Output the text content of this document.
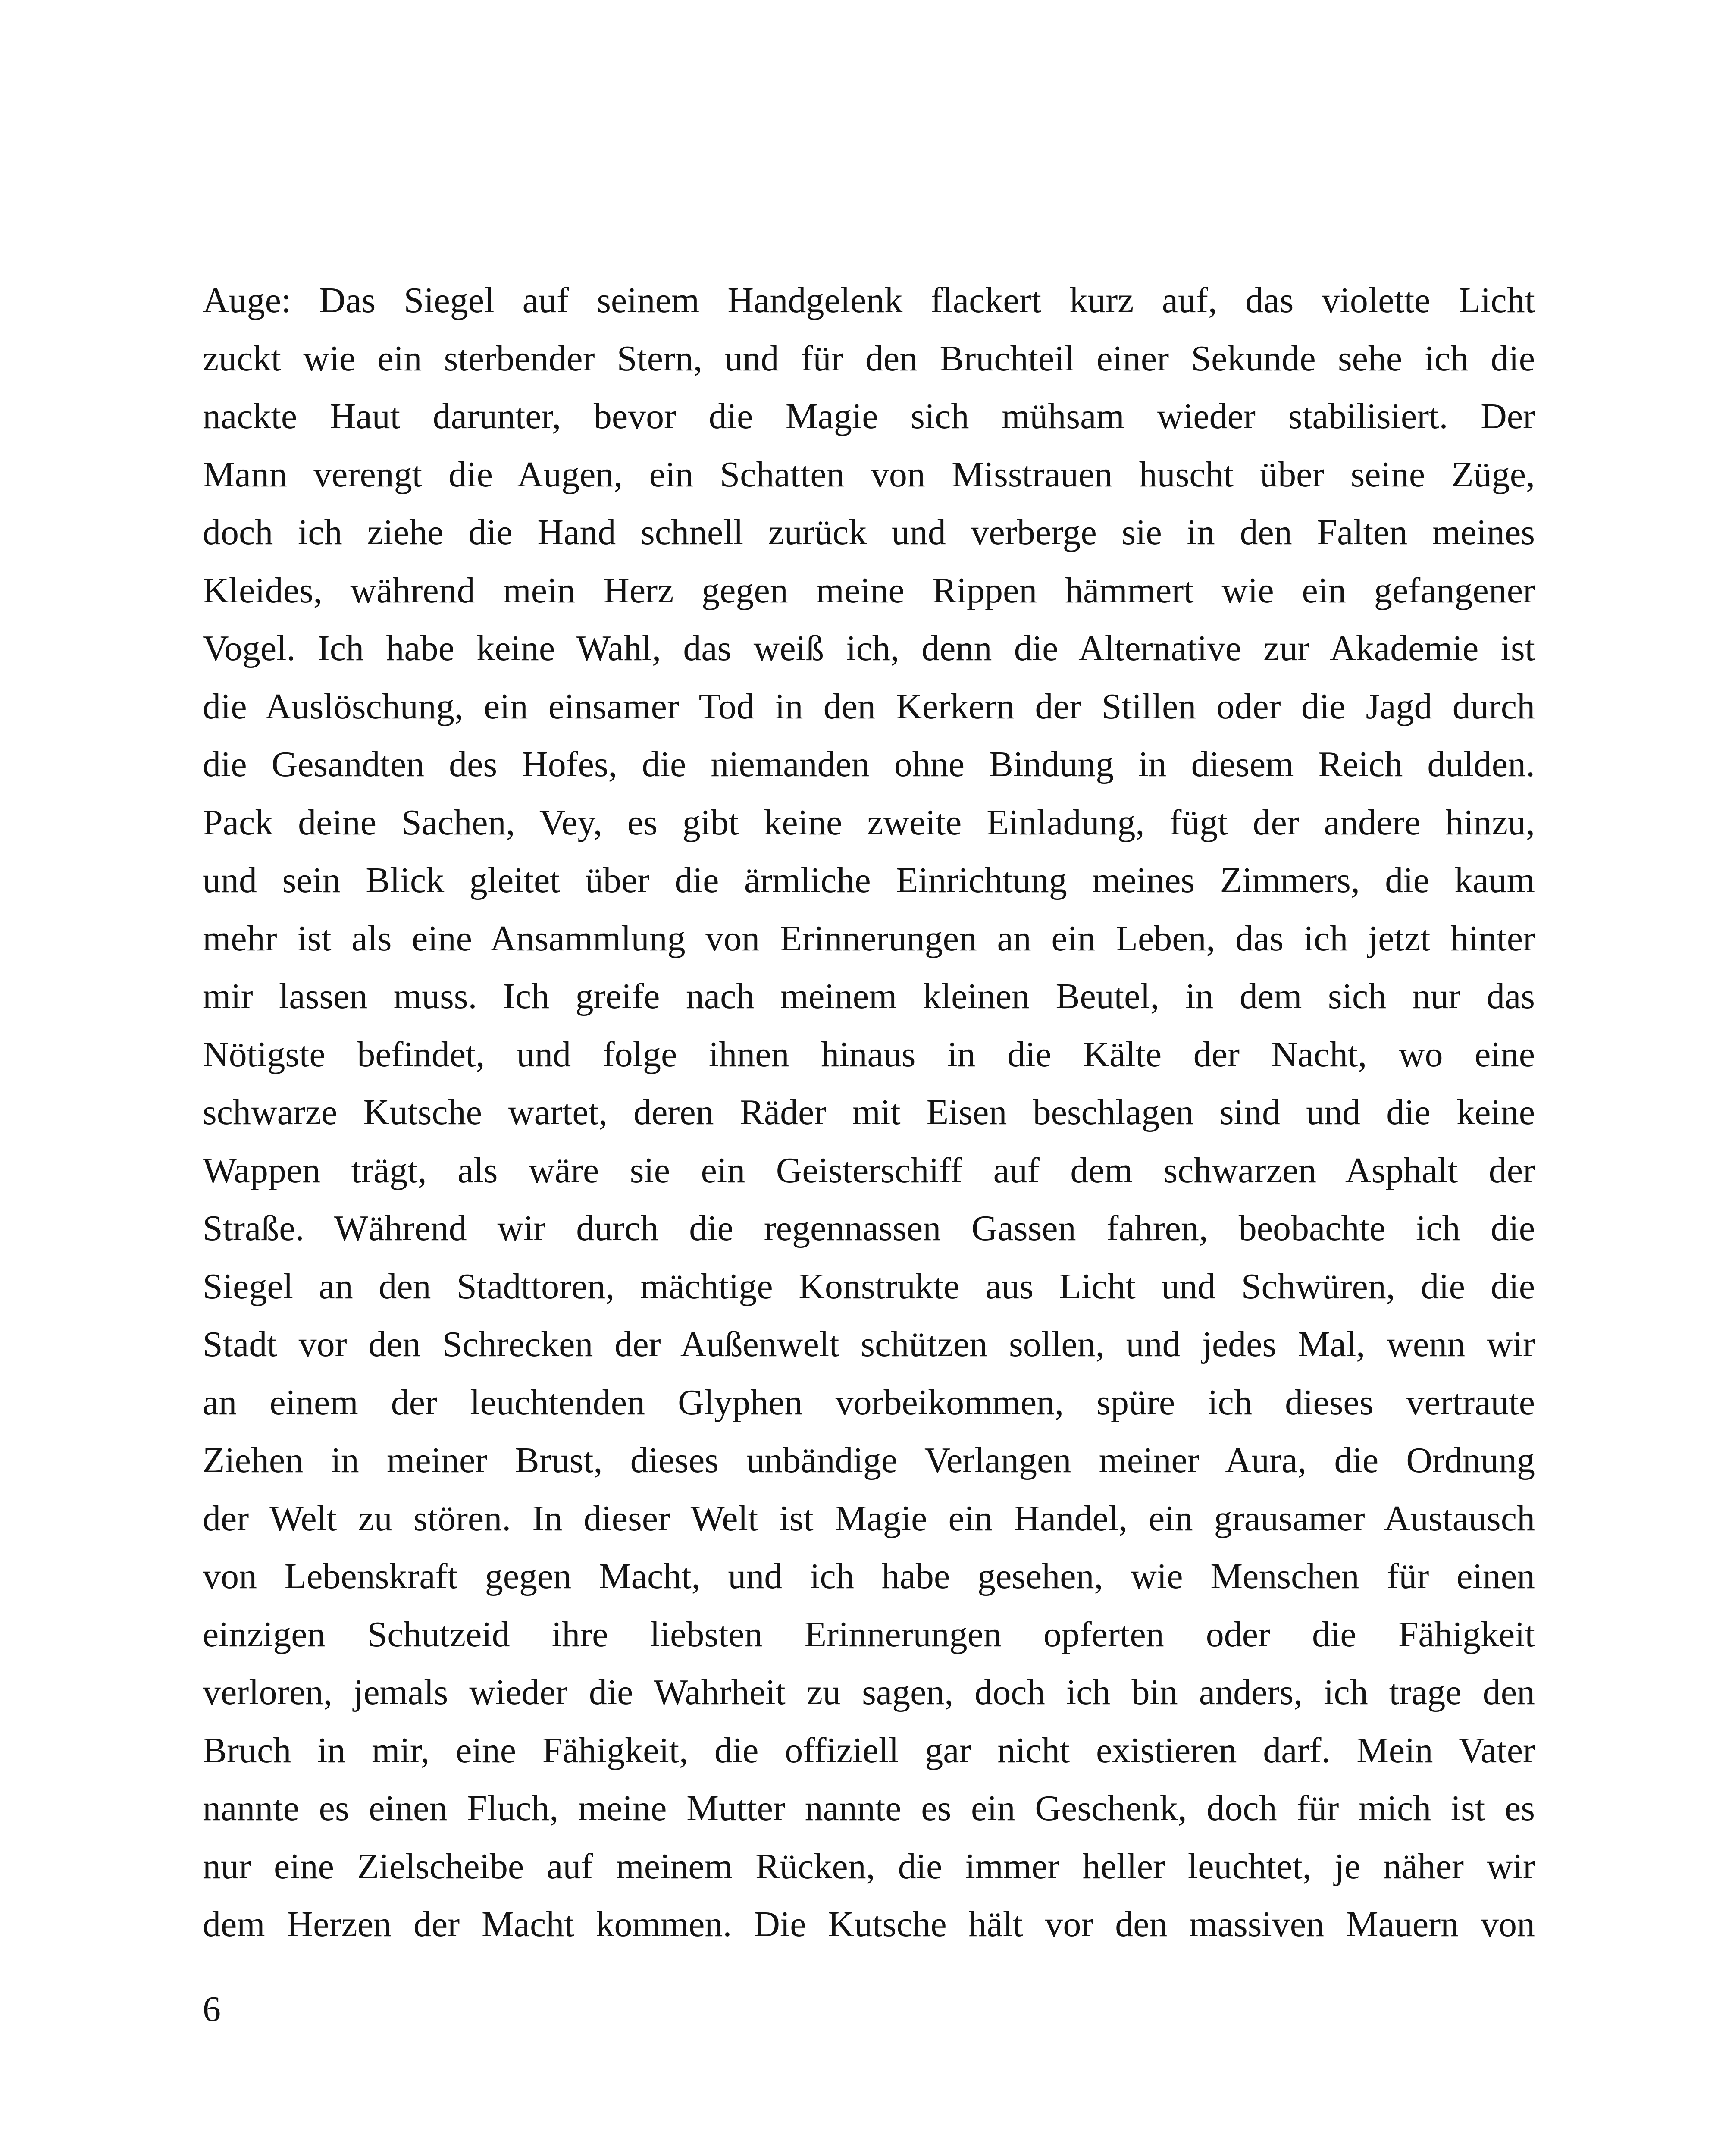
Auge: Das Siegel auf seinem Handgelenk flackert kurz auf, das violette Licht
zuckt wie ein sterbender Stern, und für den Bruchteil einer Sekunde sehe ich die
nackte Haut darunter, bevor die Magie sich mühsam wieder stabilisiert. Der
Mann verengt die Augen, ein Schatten von Misstrauen huscht über seine Züge,
doch ich ziehe die Hand schnell zurück und verberge sie in den Falten meines
Kleides, während mein Herz gegen meine Rippen hämmert wie ein gefangener
Vogel. Ich habe keine Wahl, das weiß ich, denn die Alternative zur Akademie ist
die Auslöschung, ein einsamer Tod in den Kerkern der Stillen oder die Jagd durch
die Gesandten des Hofes, die niemanden ohne Bindung in diesem Reich dulden.
Pack deine Sachen, Vey, es gibt keine zweite Einladung, fügt der andere hinzu,
und sein Blick gleitet über die ärmliche Einrichtung meines Zimmers, die kaum
mehr ist als eine Ansammlung von Erinnerungen an ein Leben, das ich jetzt hinter
mir lassen muss. Ich greife nach meinem kleinen Beutel, in dem sich nur das
Nötigste befindet, und folge ihnen hinaus in die Kälte der Nacht, wo eine
schwarze Kutsche wartet, deren Räder mit Eisen beschlagen sind und die keine
Wappen trägt, als wäre sie ein Geisterschiff auf dem schwarzen Asphalt der
Straße. Während wir durch die regennassen Gassen fahren, beobachte ich die
Siegel an den Stadttoren, mächtige Konstrukte aus Licht und Schwüren, die die
Stadt vor den Schrecken der Außenwelt schützen sollen, und jedes Mal, wenn wir
an einem der leuchtenden Glyphen vorbeikommen, spüre ich dieses vertraute
Ziehen in meiner Brust, dieses unbändige Verlangen meiner Aura, die Ordnung
der Welt zu stören. In dieser Welt ist Magie ein Handel, ein grausamer Austausch
von Lebenskraft gegen Macht, und ich habe gesehen, wie Menschen für einen
einzigen Schutzeid ihre liebsten Erinnerungen opferten oder die Fähigkeit
verloren, jemals wieder die Wahrheit zu sagen, doch ich bin anders, ich trage den
Bruch in mir, eine Fähigkeit, die offiziell gar nicht existieren darf. Mein Vater
nannte es einen Fluch, meine Mutter nannte es ein Geschenk, doch für mich ist es
nur eine Zielscheibe auf meinem Rücken, die immer heller leuchtet, je näher wir
dem Herzen der Macht kommen. Die Kutsche hält vor den massiven Mauern von
6
